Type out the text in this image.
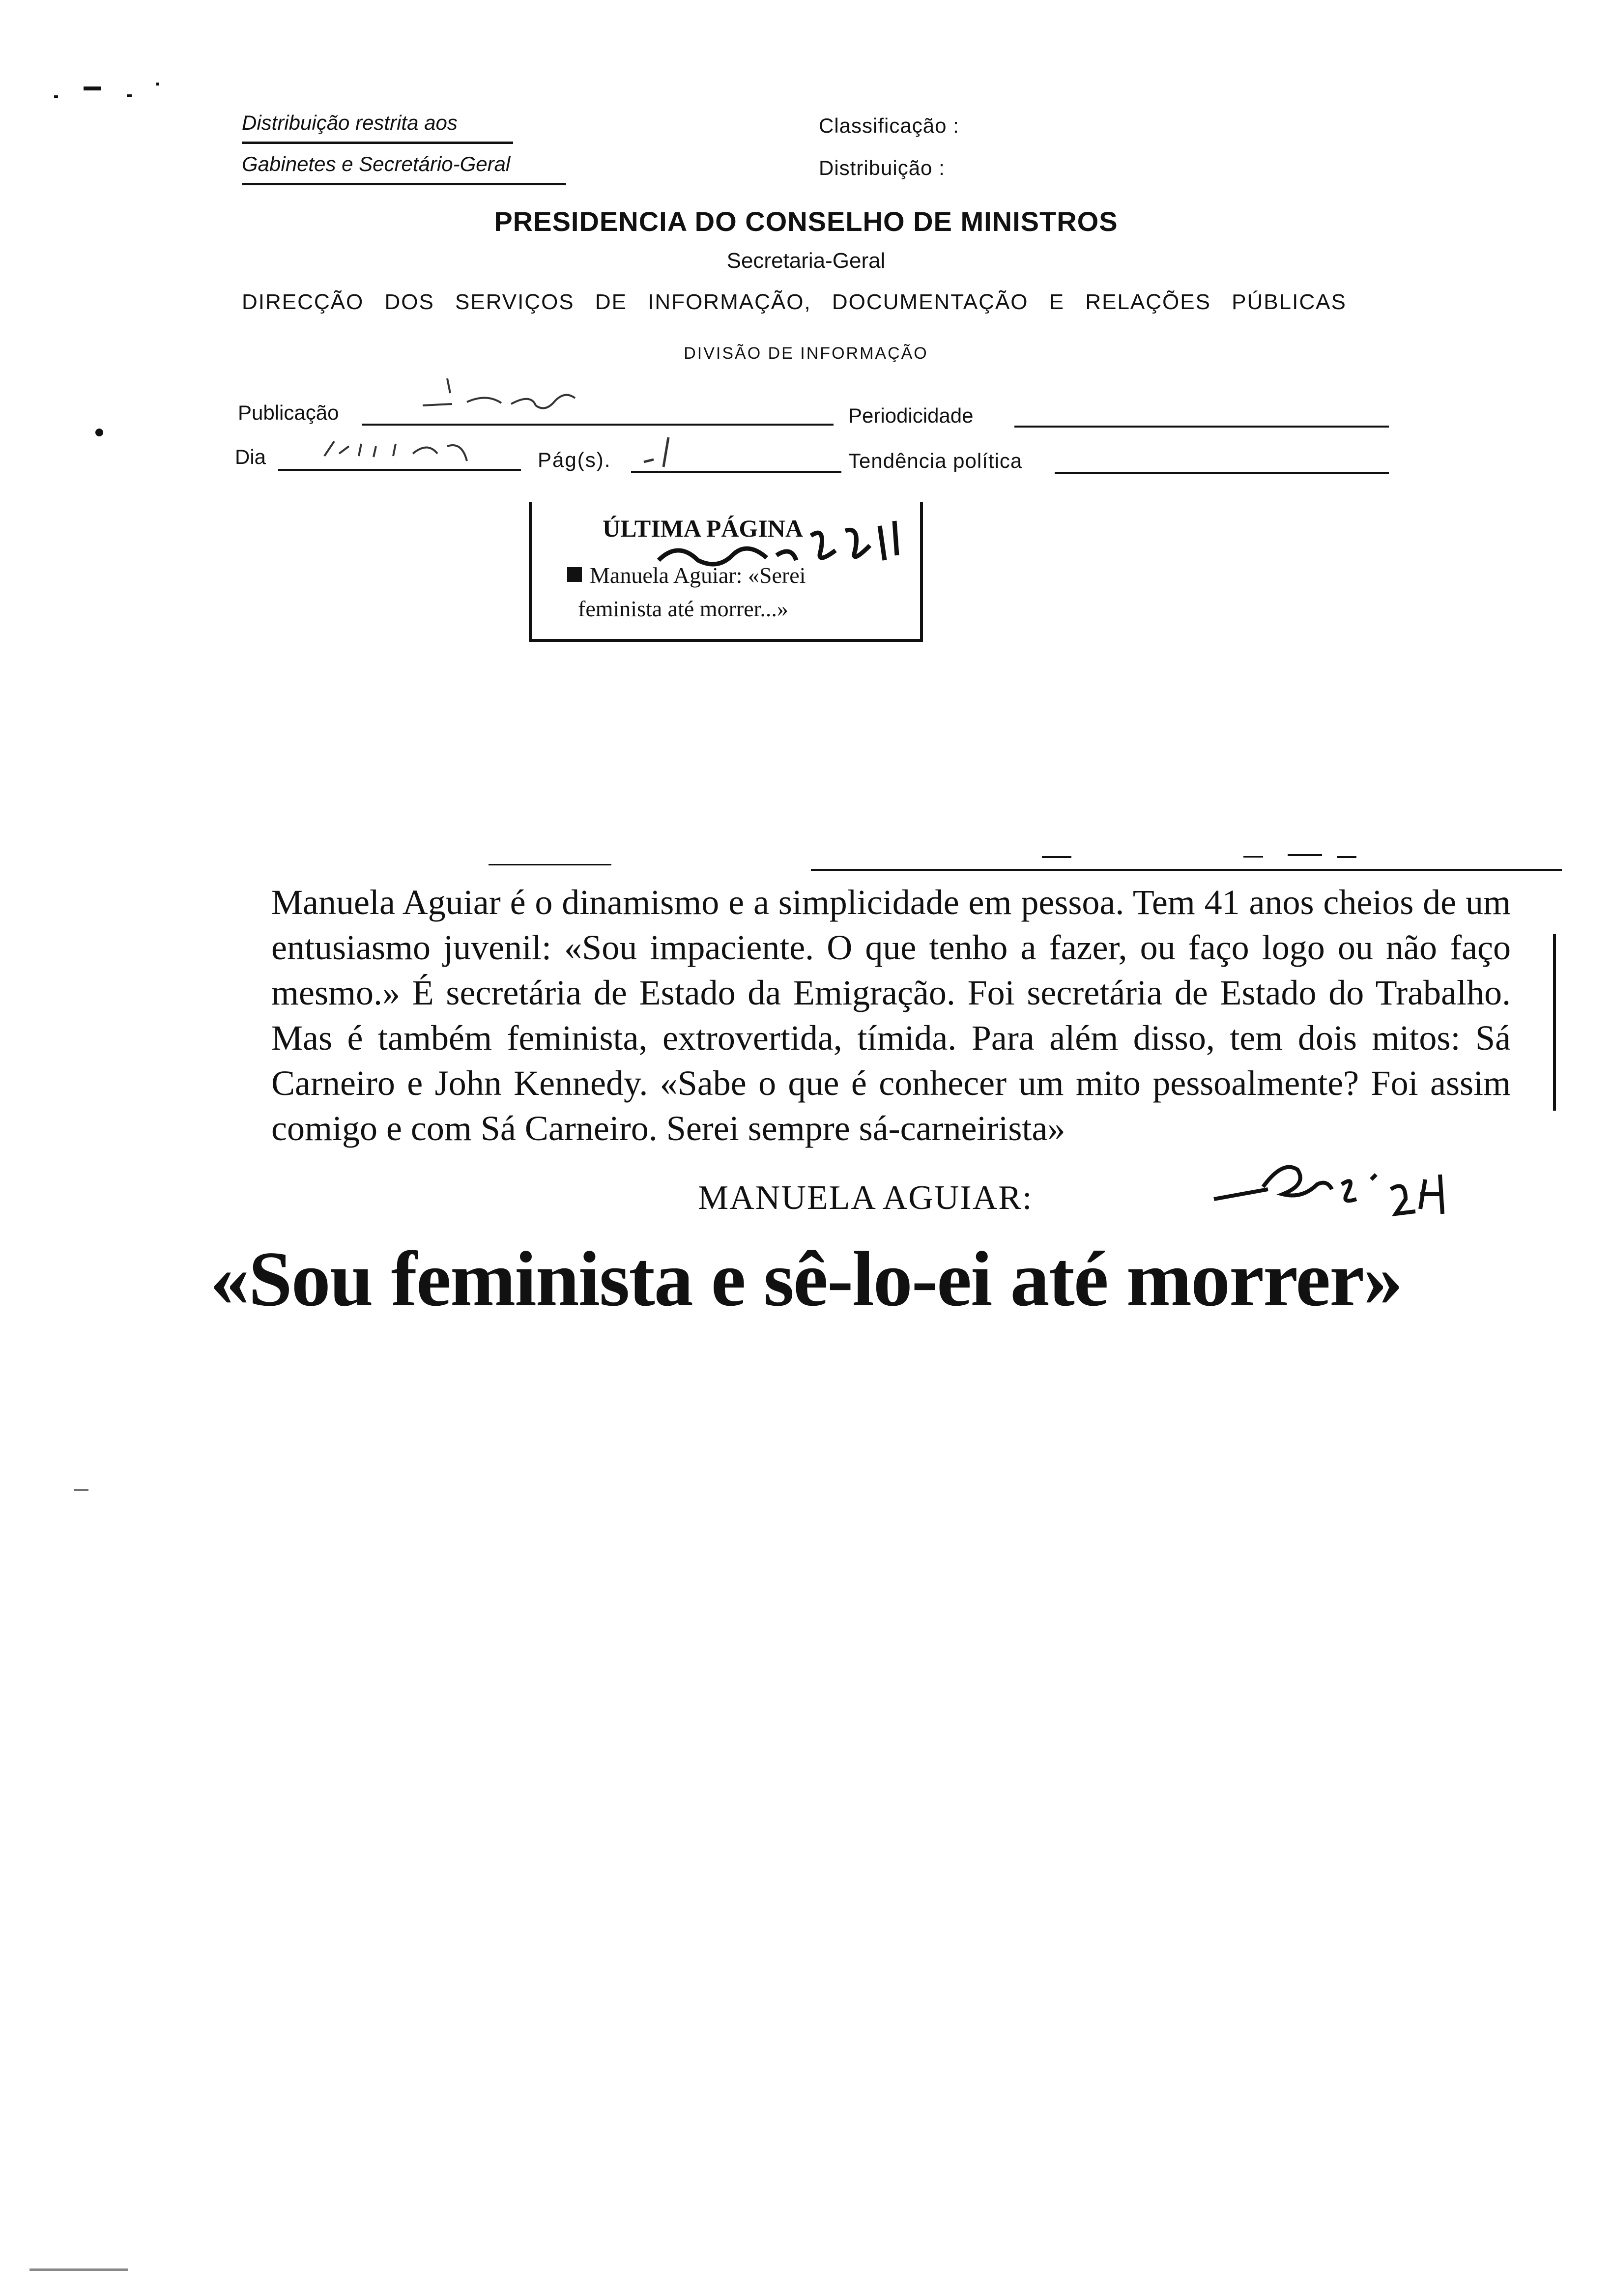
Distribuição restrita aos
Gabinetes e Secretário-Geral
Classificação :
Distribuição :
PRESIDENCIA DO CONSELHO DE MINISTROS
Secretaria-Geral
DIRECÇÃO DOS SERVIÇOS DE INFORMAÇÃO, DOCUMENTAÇÃO E RELAÇÕES PÚBLICAS
DIVISÃO DE INFORMAÇÃO
Publicação	Periodicidade
Dia	Pág(s).	Tendência política
ÚLTIMA PÁGINA
Manuela Aguiar: «Serei
feminista até morrer...»

Manuela Aguiar é o dinamismo e a simplicidade em pessoa. Tem 41 anos cheios de um entusiasmo juvenil: «Sou impaciente. O que tenho a fazer, ou faço logo ou não faço mesmo.» É secretária de Estado da Emigração. Foi secretária de Estado do Trabalho. Mas é também feminista, extrovertida, tímida. Para além disso, tem dois mitos: Sá Carneiro e John Kennedy. «Sabe o que é conhecer um mito pessoalmente? Foi assim comigo e com Sá Carneiro. Serei sempre sá-carneirista»

MANUELA AGUIAR:
«Sou feminista e sê-lo-ei até morrer»
